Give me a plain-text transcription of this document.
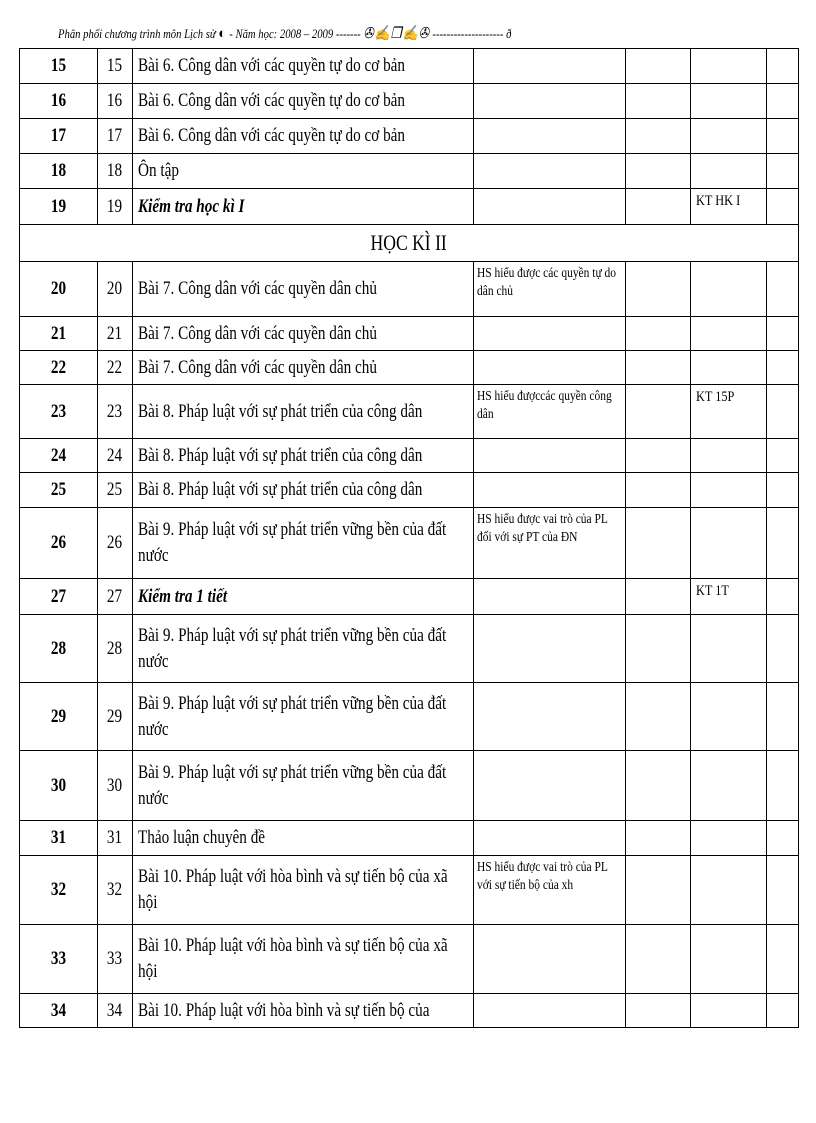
Phân phối chương trình môn Lịch sử ◐ - Năm học: 2008 – 2009 ------- ✇✍❒✍✇ -------------------- ð
15	15	Bài 6. Công dân với các quyền tự do cơ bản				
16	16	Bài 6. Công dân với các quyền tự do cơ bản				
17	17	Bài 6. Công dân với các quyền tự do cơ bản				
18	18	Ôn tập				
19	19	Kiểm tra học kì I			KT HK I	
HỌC KÌ II						
20	20	Bài 7. Công dân với các quyền dân chủ	HS hiểu được các quyền tự do dân chủ			
21	21	Bài 7. Công dân với các quyền dân chủ				
22	22	Bài 7. Công dân với các quyền dân chủ				
23	23	Bài 8. Pháp luật với sự phát triển của công dân	HS hiểu đượccác quyền công dân		KT 15P	
24	24	Bài 8. Pháp luật với sự phát triển của công dân				
25	25	Bài 8. Pháp luật với sự phát triển của công dân				
26	26	Bài 9. Pháp luật với sự phát triển vững bền của đất nước	HS hiểu được vai trò của PL đối với sự PT của ĐN			
27	27	Kiểm tra 1 tiết			KT 1T	
28	28	Bài 9. Pháp luật với sự phát triển vững bền của đất nước				
29	29	Bài 9. Pháp luật với sự phát triển vững bền của đất nước				
30	30	Bài 9. Pháp luật với sự phát triển vững bền của đất nước				
31	31	Thảo luận chuyên đề				
32	32	Bài 10. Pháp luật với hòa bình và sự tiến bộ của xã hội	HS hiểu được vai trò của PL với sự tiến bộ của xh			
33	33	Bài 10. Pháp luật với hòa bình và sự tiến bộ của xã hội				
34	34	Bài 10. Pháp luật với hòa bình và sự tiến bộ của				
